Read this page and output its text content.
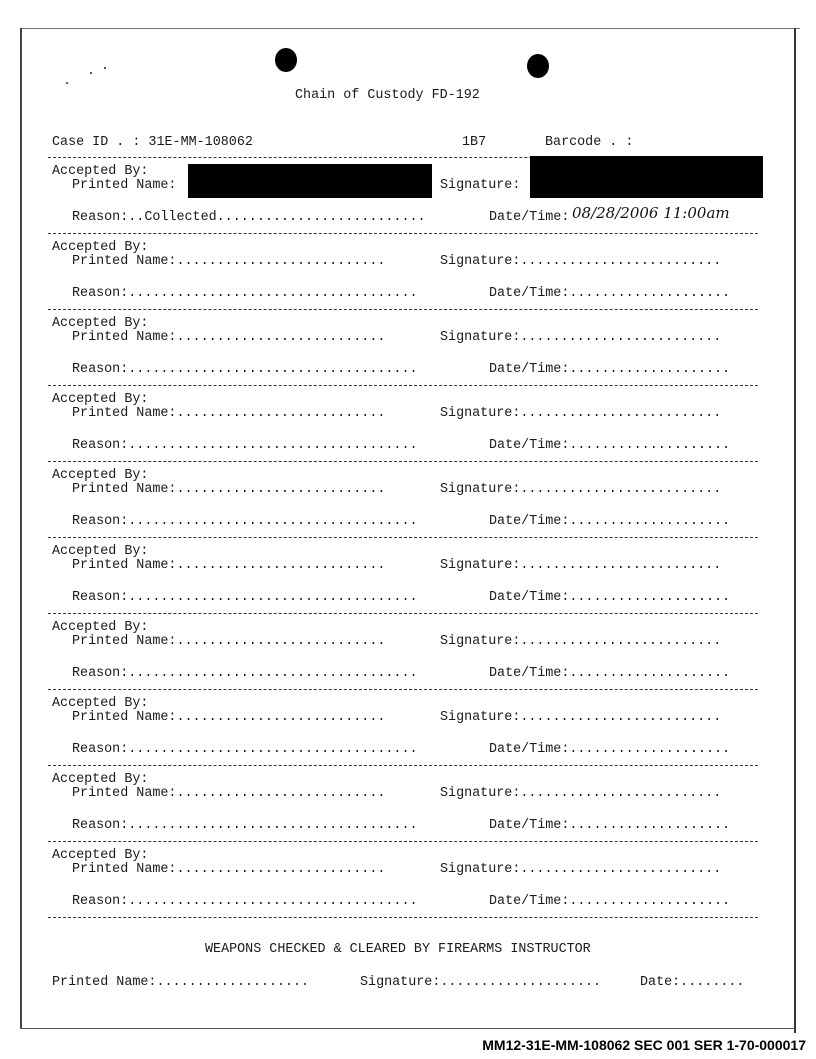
Chain of Custody FD-192
Case ID . : 31E-MM-108062	1B7	Barcode . :
Accepted By:
Printed Name:	Signature:
Reason:..Collected..........................	Date/Time: 08/28/2006 11:00am
Accepted By:
Printed Name:..........................	Signature:.........................
Reason:....................................	Date/Time:....................
Accepted By:
Printed Name:..........................	Signature:.........................
Reason:....................................	Date/Time:....................
Accepted By:
Printed Name:..........................	Signature:.........................
Reason:....................................	Date/Time:....................
Accepted By:
Printed Name:..........................	Signature:.........................
Reason:....................................	Date/Time:....................
Accepted By:
Printed Name:..........................	Signature:.........................
Reason:....................................	Date/Time:....................
Accepted By:
Printed Name:..........................	Signature:.........................
Reason:....................................	Date/Time:....................
Accepted By:
Printed Name:..........................	Signature:.........................
Reason:....................................	Date/Time:....................
Accepted By:
Printed Name:..........................	Signature:.........................
Reason:....................................	Date/Time:....................
Accepted By:
Printed Name:..........................	Signature:.........................
Reason:....................................	Date/Time:....................
WEAPONS CHECKED & CLEARED BY FIREARMS INSTRUCTOR
Printed Name:...................	Signature:....................	Date:........
MM12-31E-MM-108062 SEC 001 SER 1-70-000017
